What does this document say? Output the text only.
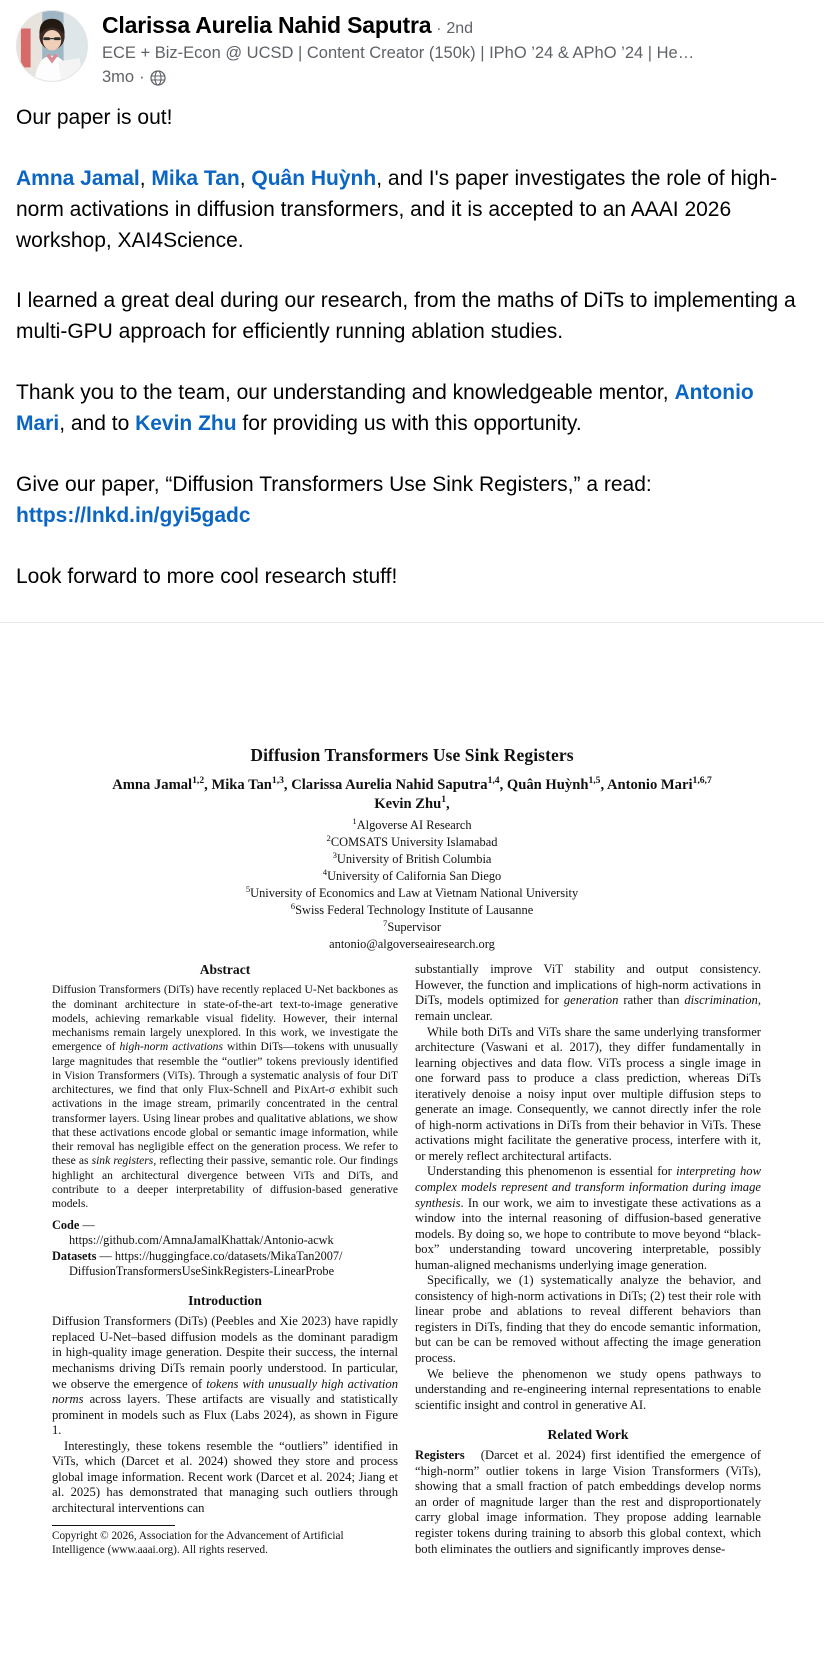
Clarissa Aurelia Nahid Saputra · 2nd
ECE + Biz-Econ @ UCSD | Content Creator (150k) | IPhO ’24 & APhO ’24 | He…
3mo ·

Our paper is out!

Amna Jamal, Mika Tan, Quân Huỳnh, and I's paper investigates the role of high-norm activations in diffusion transformers, and it is accepted to an AAAI 2026 workshop, XAI4Science.

I learned a great deal during our research, from the maths of DiTs to implementing a multi-GPU approach for efficiently running ablation studies.

Thank you to the team, our understanding and knowledgeable mentor, Antonio Mari, and to Kevin Zhu for providing us with this opportunity.

Give our paper, “Diffusion Transformers Use Sink Registers,” a read: https://lnkd.in/gyi5gadc

Look forward to more cool research stuff!

Diffusion Transformers Use Sink Registers
Amna Jamal$^{1,2}$, Mika Tan$^{1,3}$, Clarissa Aurelia Nahid Saputra$^{1,4}$, Quân Huỳnh$^{1,5}$, Antonio Mari$^{1,6,7}$
Kevin Zhu$^1$,
$^1$Algoverse AI Research
$^2$COMSATS University Islamabad
$^3$University of British Columbia
$^4$University of California San Diego
$^5$University of Economics and Law at Vietnam National University
$^6$Swiss Federal Technology Institute of Lausanne
$^7$Supervisor
antonio@algoverseairesearch.org
Abstract

Diffusion Transformers (DiTs) have recently replaced U-Net backbones as the dominant architecture in state-of-the-art text-to-image generative models, achieving remarkable visual fidelity. However, their internal mechanisms remain largely unexplored. In this work, we investigate the emergence of high-norm activations within DiTs—tokens with unusually large magnitudes that resemble the “outlier” tokens previously identified in Vision Transformers (ViTs). Through a systematic analysis of four DiT architectures, we find that only Flux-Schnell and PixArt-σ exhibit such activations in the image stream, primarily concentrated in the central transformer layers. Using linear probes and qualitative ablations, we show that these activations encode global or semantic image information, while their removal has negligible effect on the generation process. We refer to these as sink registers, reflecting their passive, semantic role. Our findings highlight an architectural divergence between ViTs and DiTs, and contribute to a deeper interpretability of diffusion-based generative models.

Code —
https://github.com/AmnaJamalKhattak/Antonio-acwk
Datasets — https://huggingface.co/datasets/MikaTan2007/
DiffusionTransformersUseSinkRegisters-LinearProbe
Introduction

Diffusion Transformers (DiTs) (Peebles and Xie 2023) have rapidly replaced U-Net–based diffusion models as the dominant paradigm in high-quality image generation. Despite their success, the internal mechanisms driving DiTs remain poorly understood. In particular, we observe the emergence of tokens with unusually high activation norms across layers. These artifacts are visually and statistically prominent in models such as Flux (Labs 2024), as shown in Figure 1.

Interestingly, these tokens resemble the “outliers” identified in ViTs, which (Darcet et al. 2024) showed they store and process global image information. Recent work (Darcet et al. 2024; Jiang et al. 2025) has demonstrated that managing such outliers through architectural interventions can

Copyright © 2026, Association for the Advancement of Artificial Intelligence (www.aaai.org). All rights reserved.

substantially improve ViT stability and output consistency. However, the function and implications of high-norm activations in DiTs, models optimized for generation rather than discrimination, remain unclear.

While both DiTs and ViTs share the same underlying transformer architecture (Vaswani et al. 2017), they differ fundamentally in learning objectives and data flow. ViTs process a single image in one forward pass to produce a class prediction, whereas DiTs iteratively denoise a noisy input over multiple diffusion steps to generate an image. Consequently, we cannot directly infer the role of high-norm activations in DiTs from their behavior in ViTs. These activations might facilitate the generative process, interfere with it, or merely reflect architectural artifacts.

Understanding this phenomenon is essential for interpreting how complex models represent and transform information during image synthesis. In our work, we aim to investigate these activations as a window into the internal reasoning of diffusion-based generative models. By doing so, we hope to contribute to move beyond “black-box” understanding toward uncovering interpretable, possibly human-aligned mechanisms underlying image generation.

Specifically, we (1) systematically analyze the behavior, and consistency of high-norm activations in DiTs; (2) test their role with linear probe and ablations to reveal different behaviors than registers in DiTs, finding that they do encode semantic information, but can be can be removed without affecting the image generation process.

We believe the phenomenon we study opens pathways to understanding and re-engineering internal representations to enable scientific insight and control in generative AI.

Related Work

Registers (Darcet et al. 2024) first identified the emergence of “high-norm” outlier tokens in large Vision Transformers (ViTs), showing that a small fraction of patch embeddings develop norms an order of magnitude larger than the rest and disproportionately carry global image information. They propose adding learnable register tokens during training to absorb this global context, which both eliminates the outliers and significantly improves dense-
